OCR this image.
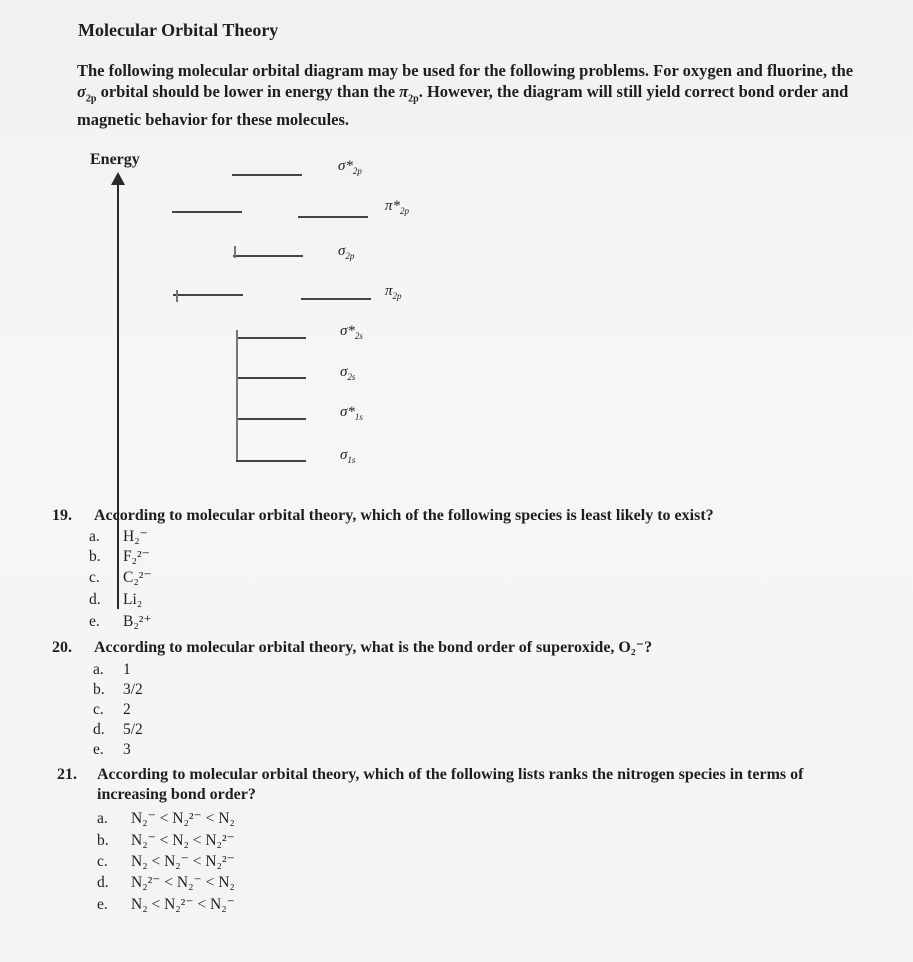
Molecular Orbital Theory
The following molecular orbital diagram may be used for the following problems. For oxygen and fluorine, the $\sigma_{2p}$ orbital should be lower in energy than the $\pi_{2p}$. However, the diagram will still yield correct bond order and magnetic behavior for these molecules.
Energy	$\sigma*_{2p}$
$\pi*_{2p}$
$\sigma_{2p}$
$\pi_{2p}$
$\sigma*_{2s}$
$\sigma_{2s}$
$\sigma*_{1s}$
$\sigma_{1s}$
19. According to molecular orbital theory, which of the following species is least likely to exist?
a.	H₂⁻
b.	F₂²⁻
c.	C₂²⁻
d.	Li₂
e.	B₂²⁺
20. According to molecular orbital theory, what is the bond order of superoxide, O₂⁻?
a.	1
b.	3/2
c.	2
d.	5/2
e.	3
21. According to molecular orbital theory, which of the following lists ranks the nitrogen species in terms of increasing bond order?
a.	N₂⁻ < N₂²⁻ < N₂
b.	N₂⁻ < N₂ < N₂²⁻
c.	N₂ < N₂⁻ < N₂²⁻
d.	N₂²⁻ < N₂⁻ < N₂
e.	N₂ < N₂²⁻ < N₂⁻
